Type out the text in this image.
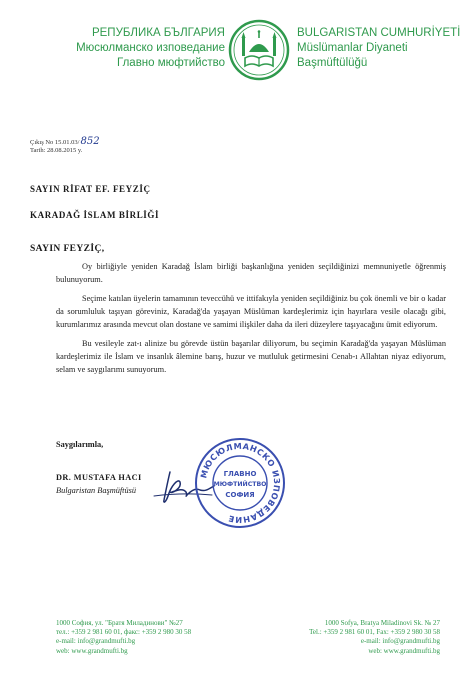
РЕПУБЛИКА БЪЛГАРИЯ
Мюсюлманско изповедание
Главно мюфтийство
BULGARISTAN CUMHURİYETİ
Müslümanlar Diyaneti
Başmüftülüğü
Çıkış No 15.01.03/852
Tarih: 28.08.2015 y.
SAYIN RİFAT EF. FEYZİÇ
KARADAĞ İSLAM BİRLİĞİ
SAYIN FEYZİÇ,

Oy birliğiyle yeniden Karadağ İslam birliği başkanlığına yeniden seçildiğinizi memnuniyetle öğrenmiş bulunuyorum.

Seçime katılan üyelerin tamamının teveccühü ve ittifakıyla yeniden seçildiğiniz bu çok önemli ve bir o kadar da sorumluluk taşıyan göreviniz, Karadağ'da yaşayan Müslüman kardeşlerimiz için hayırlara vesile olacağı gibi, kurumlarımız arasında mevcut olan dostane ve samimi ilişkiler daha da ileri düzeylere taşıyacağını ümit ediyorum.

Bu vesileyle zat-ı alinize bu görevde üstün başarılar diliyorum, bu seçimin Karadağ'da yaşayan Müslüman kardeşlerimiz ile İslam ve insanlık âlemine barış, huzur ve mutluluk getirmesini Cenab-ı Allahtan niyaz ediyorum, selam ve saygılarımı sunuyorum.

Saygılarımla,
DR. MUSTAFA HACI
Bulgaristan Başmüftüsü
МЮСЮЛМАНСКО ИЗПОВЕДАНИЕ
ГЛАВНО
МЮФТИЙСТВО
СОФИЯ
1000 София, ул. "Братя Миладинови" №27
тел.: +359 2 981 60 01, факс: +359 2 980 30 58
e-mail: info@grandmufti.bg
web: www.grandmufti.bg
1000 Sofya, Bratya Miladinovi Sk. № 27
Tel.: +359 2 981 60 01, Fax: +359 2 980 30 58
e-mail: info@grandmufti.bg
web: www.grandmufti.bg
